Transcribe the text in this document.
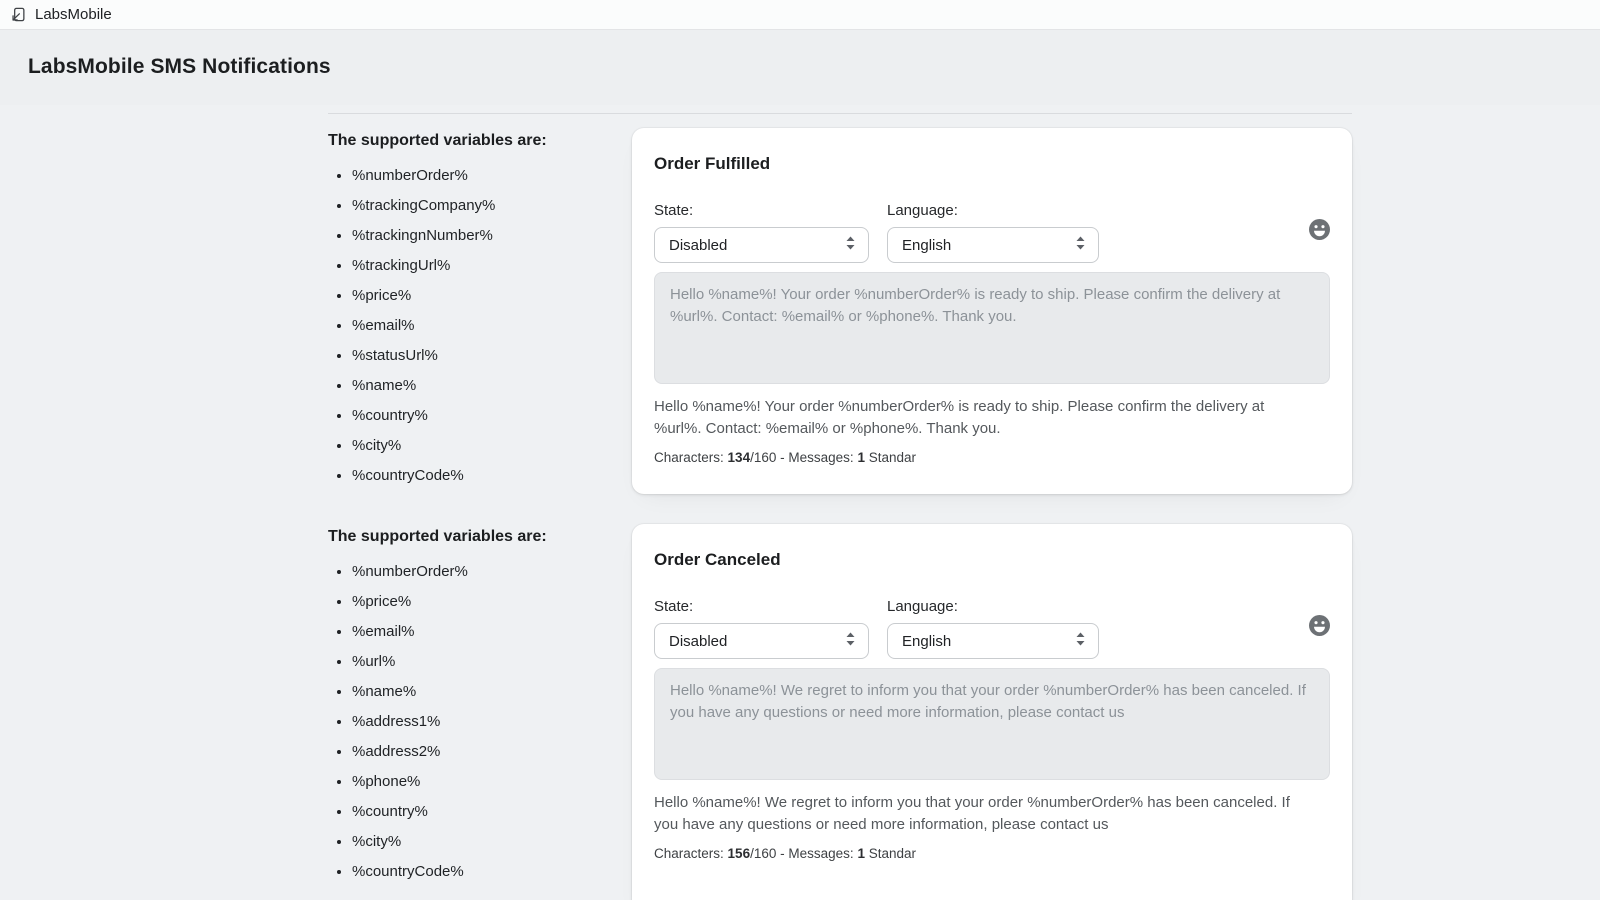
LabsMobile
LabsMobile SMS Notifications
The supported variables are:
• %numberOrder%
• %trackingCompany%
• %trackingnNumber%
• %trackingUrl%
• %price%
• %email%
• %statusUrl%
• %name%
• %country%
• %city%
• %countryCode%
Order Fulfilled
State:
Disabled
Language:
English
Hello %name%! Your order %numberOrder% is ready to ship. Please confirm the delivery at %url%. Contact: %email% or %phone%. Thank you.

Hello %name%! Your order %numberOrder% is ready to ship. Please confirm the delivery at %url%. Contact: %email% or %phone%. Thank you.

Characters: 134/160 - Messages: 1 Standar
The supported variables are:
• %numberOrder%
• %price%
• %email%
• %url%
• %name%
• %address1%
• %address2%
• %phone%
• %country%
• %city%
• %countryCode%
Order Canceled
State:
Disabled
Language:
English
Hello %name%! We regret to inform you that your order %numberOrder% has been canceled. If you have any questions or need more information, please contact us

Hello %name%! We regret to inform you that your order %numberOrder% has been canceled. If you have any questions or need more information, please contact us

Characters: 156/160 - Messages: 1 Standar
